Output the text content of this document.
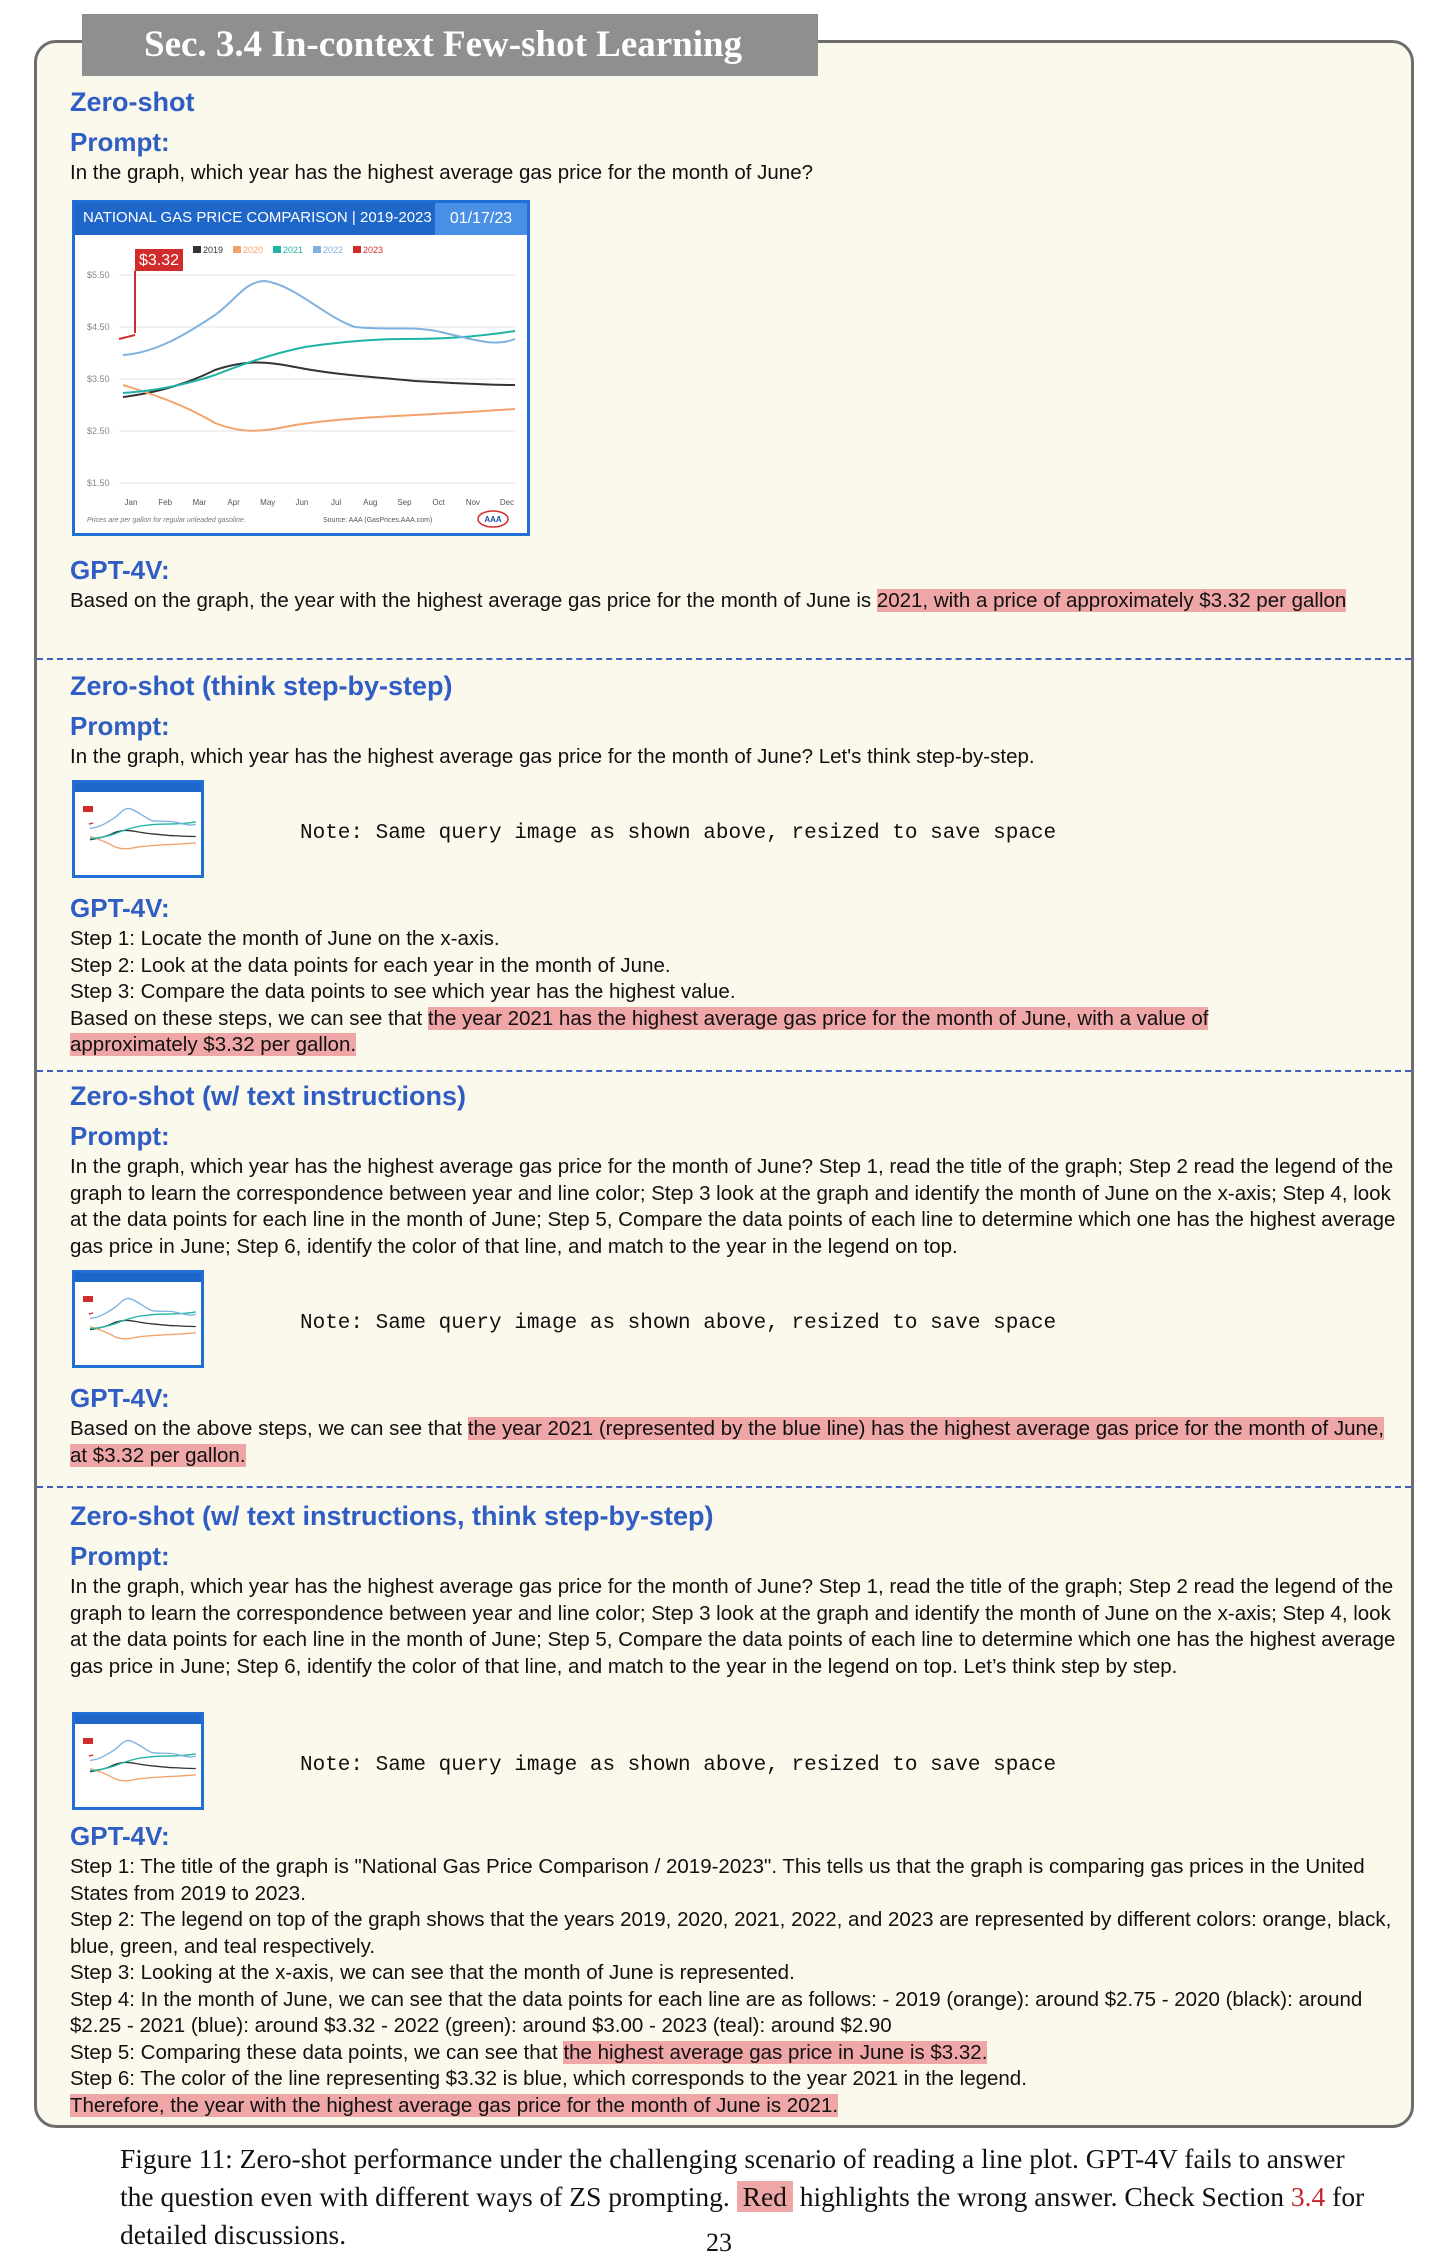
Sec. 3.4 In-context Few-shot Learning
Zero-shot
Prompt:
In the graph, which year has the highest average gas price for the month of June?
NATIONAL GAS PRICE COMPARISON | 2019-2023	01/17/23
2019 2020 2021 2022 2023
$5.50
$4.50
$3.50
$2.50
$1.50
Jan	Feb	Mar	Apr	May	Jun	Jul	Aug Sep	Oct	Nov Dec
$3.32
Prices are per gallon for regular unleaded gasoline.	Source: AAA (GasPrices.AAA.com)	AAA
GPT-4V:
Based on the graph, the year with the highest average gas price for the month of June is 2021, with a price of approximately $3.32 per gallon
Zero-shot (think step-by-step)
Prompt:
In the graph, which year has the highest average gas price for the month of June? Let's think step-by-step.
Note: Same query image as shown above, resized to save space
GPT-4V:
Step 1: Locate the month of June on the x-axis.
Step 2: Look at the data points for each year in the month of June.
Step 3: Compare the data points to see which year has the highest value.
Based on these steps, we can see that the year 2021 has the highest average gas price for the month of June, with a value of approximately $3.32 per gallon.
Zero-shot (w/ text instructions)
Prompt:
In the graph, which year has the highest average gas price for the month of June? Step 1, read the title of the graph; Step 2 read the legend of the graph to learn the correspondence between year and line color; Step 3 look at the graph and identify the month of June on the x-axis; Step 4, look at the data points for each line in the month of June; Step 5, Compare the data points of each line to determine which one has the highest average gas price in June; Step 6, identify the color of that line, and match to the year in the legend on top.
Note: Same query image as shown above, resized to save space
GPT-4V:
Based on the above steps, we can see that the year 2021 (represented by the blue line) has the highest average gas price for the month of June, at $3.32 per gallon.
Zero-shot (w/ text instructions, think step-by-step)
Prompt:
In the graph, which year has the highest average gas price for the month of June? Step 1, read the title of the graph; Step 2 read the legend of the graph to learn the correspondence between year and line color; Step 3 look at the graph and identify the month of June on the x-axis; Step 4, look at the data points for each line in the month of June; Step 5, Compare the data points of each line to determine which one has the highest average gas price in June; Step 6, identify the color of that line, and match to the year in the legend on top. Let’s think step by step.
Note: Same query image as shown above, resized to save space
GPT-4V:
Step 1: The title of the graph is "National Gas Price Comparison / 2019-2023". This tells us that the graph is comparing gas prices in the United States from 2019 to 2023.
Step 2: The legend on top of the graph shows that the years 2019, 2020, 2021, 2022, and 2023 are represented by different colors: orange, black, blue, green, and teal respectively.
Step 3: Looking at the x-axis, we can see that the month of June is represented.
Step 4: In the month of June, we can see that the data points for each line are as follows: - 2019 (orange): around $2.75 - 2020 (black): around $2.25 - 2021 (blue): around $3.32 - 2022 (green): around $3.00 - 2023 (teal): around $2.90
Step 5: Comparing these data points, we can see that the highest average gas price in June is $3.32.
Step 6: The color of the line representing $3.32 is blue, which corresponds to the year 2021 in the legend.
Therefore, the year with the highest average gas price for the month of June is 2021.
Figure 11: Zero-shot performance under the challenging scenario of reading a line plot. GPT-4V fails to answer the question even with different ways of ZS prompting. Red highlights the wrong answer. Check Section 3.4 for detailed discussions.	23
